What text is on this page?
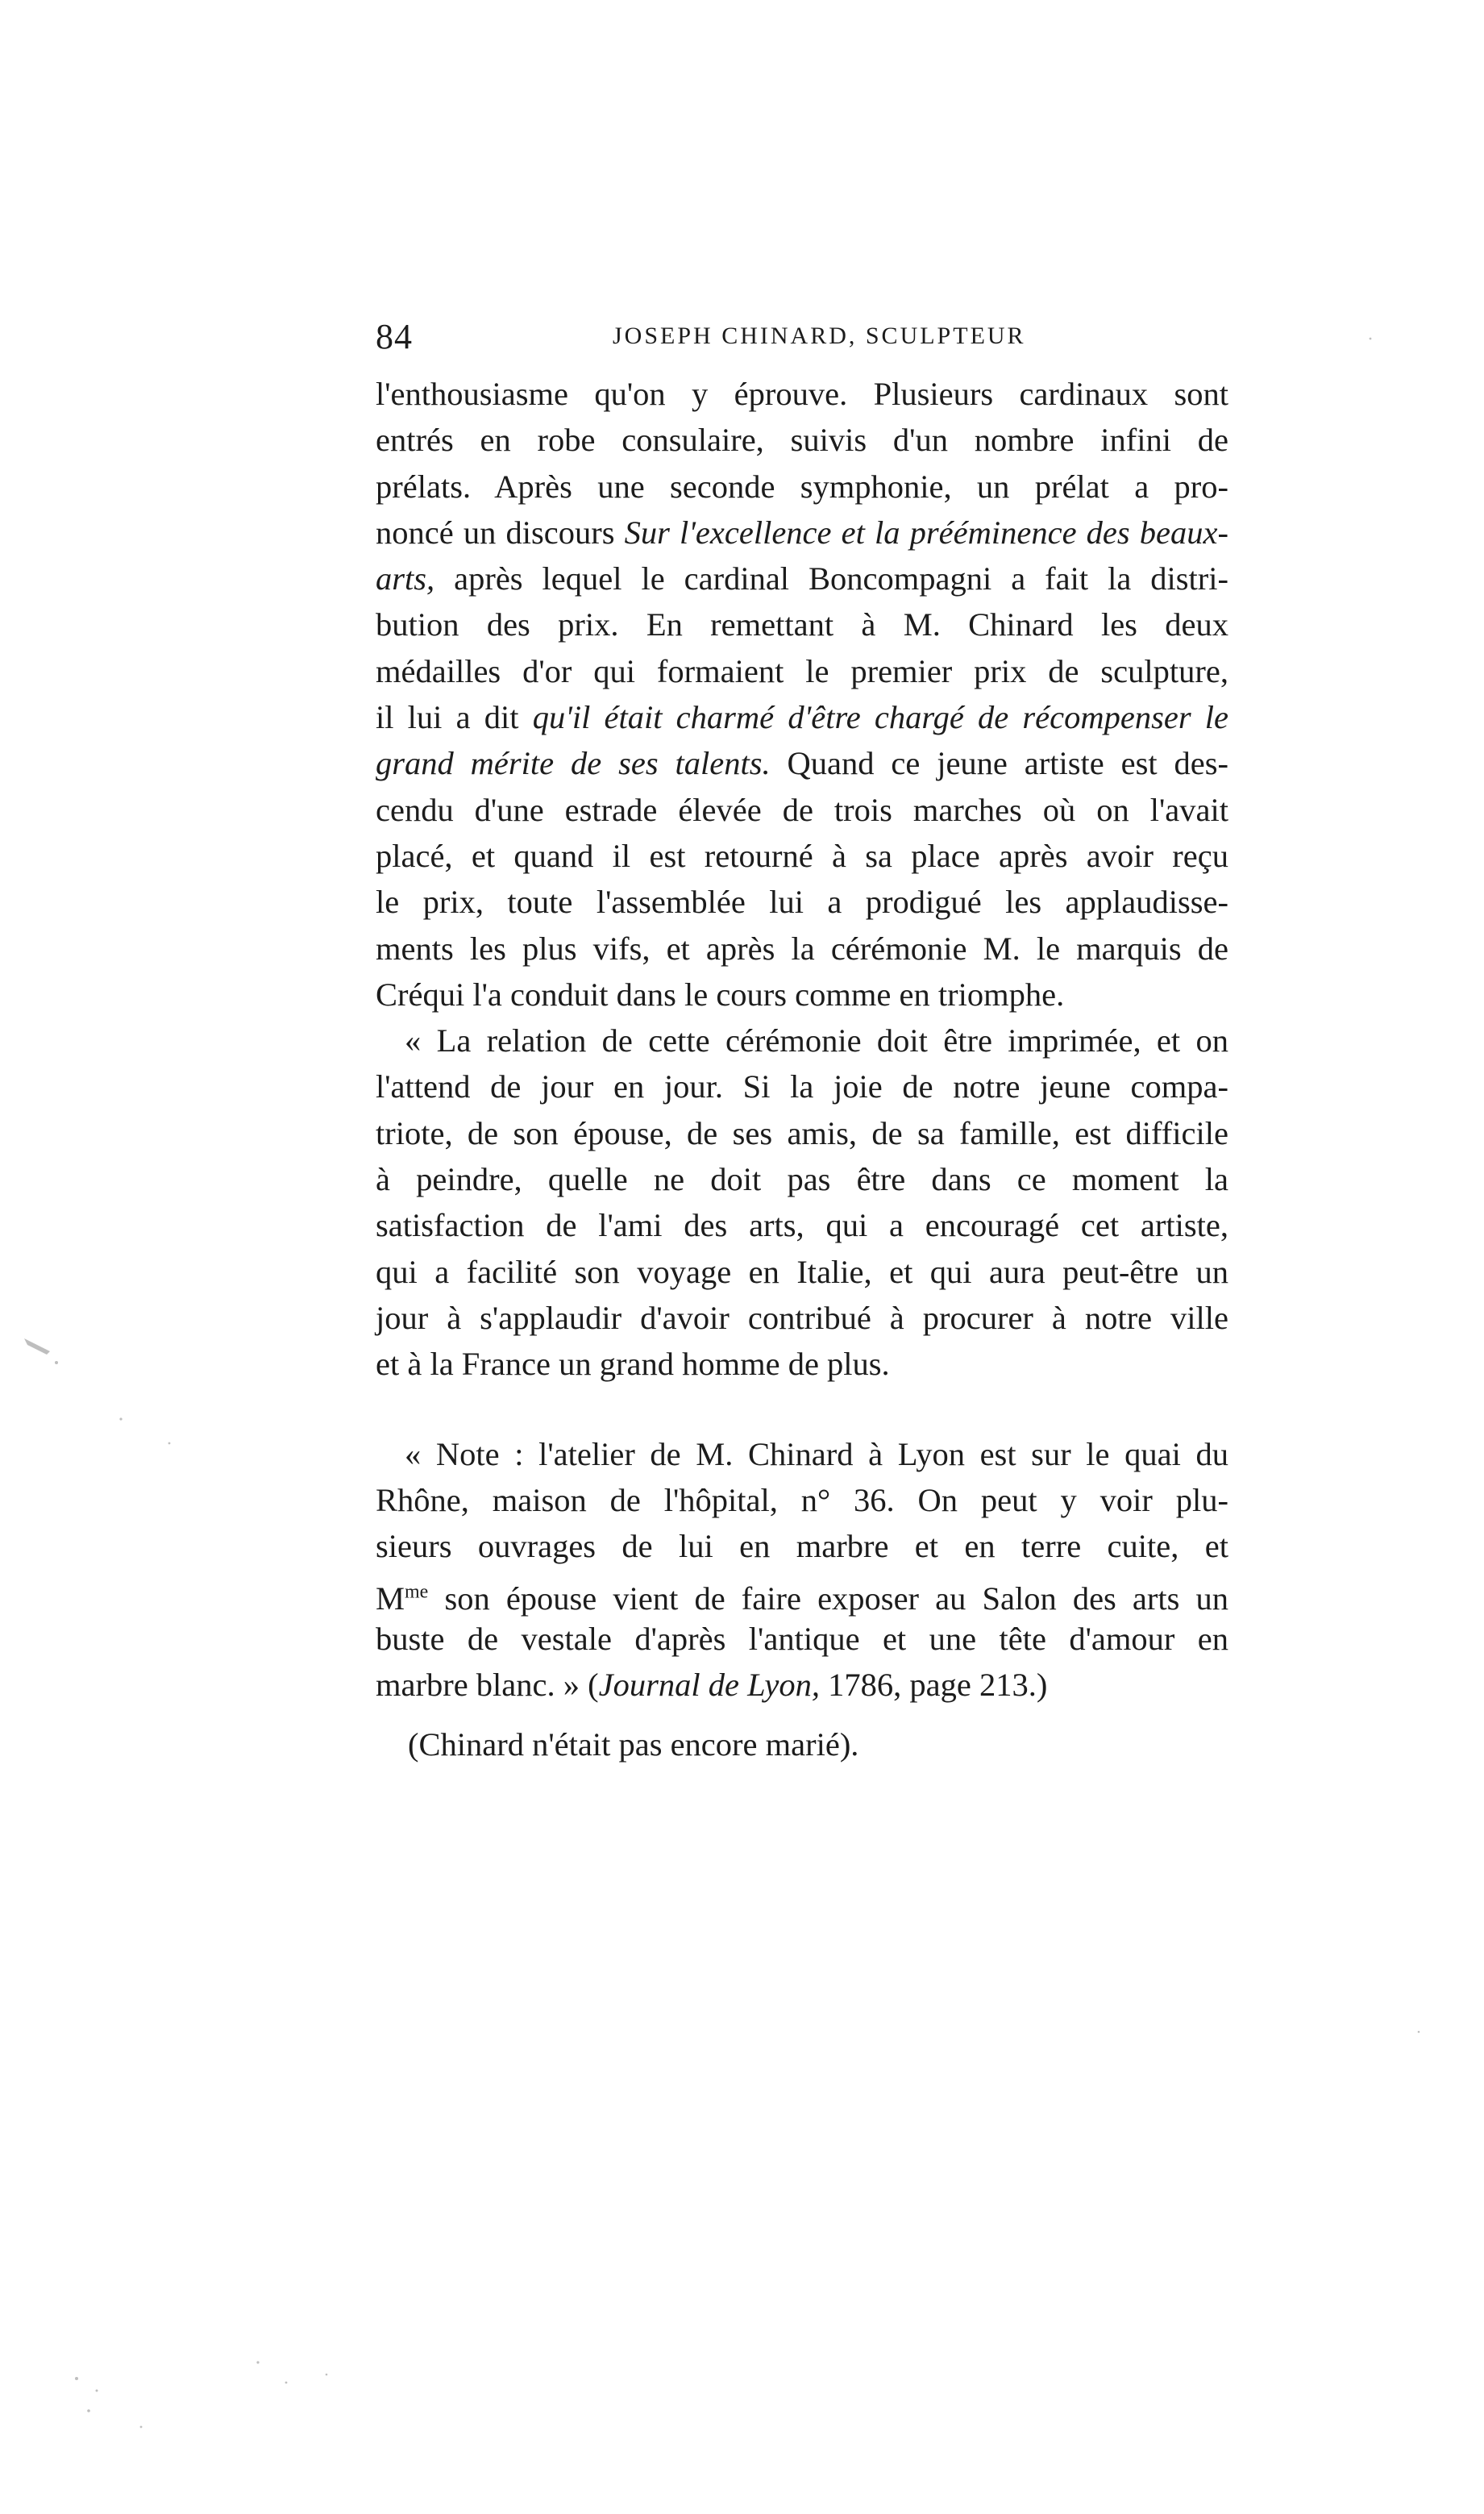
84	JOSEPH CHINARD, SCULPTEUR
l'enthousiasme qu'on y éprouve. Plusieurs cardinaux sont
entrés en robe consulaire, suivis d'un nombre infini de
prélats. Après une seconde symphonie, un prélat a pro-
noncé un discours Sur l'excellence et la prééminence des beaux-
arts, après lequel le cardinal Boncompagni a fait la distri-
bution des prix. En remettant à M. Chinard les deux
médailles d'or qui formaient le premier prix de sculpture,
il lui a dit qu'il était charmé d'être chargé de récompenser le
grand mérite de ses talents. Quand ce jeune artiste est des-
cendu d'une estrade élevée de trois marches où on l'avait
placé, et quand il est retourné à sa place après avoir reçu
le prix, toute l'assemblée lui a prodigué les applaudisse-
ments les plus vifs, et après la cérémonie M. le marquis de
Créqui l'a conduit dans le cours comme en triomphe.
« La relation de cette cérémonie doit être imprimée, et on
l'attend de jour en jour. Si la joie de notre jeune compa-
triote, de son épouse, de ses amis, de sa famille, est difficile
à peindre, quelle ne doit pas être dans ce moment la
satisfaction de l'ami des arts, qui a encouragé cet artiste,
qui a facilité son voyage en Italie, et qui aura peut-être un
jour à s'applaudir d'avoir contribué à procurer à notre ville
et à la France un grand homme de plus.
« Note : l'atelier de M. Chinard à Lyon est sur le quai du
Rhône, maison de l'hôpital, n° 36. On peut y voir plu-
sieurs ouvrages de lui en marbre et en terre cuite, et
$M^{me}$ son épouse vient de faire exposer au Salon des arts un
buste de vestale d'après l'antique et une tête d'amour en
marbre blanc. » (Journal de Lyon, 1786, page 213.)
(Chinard n'était pas encore marié).
